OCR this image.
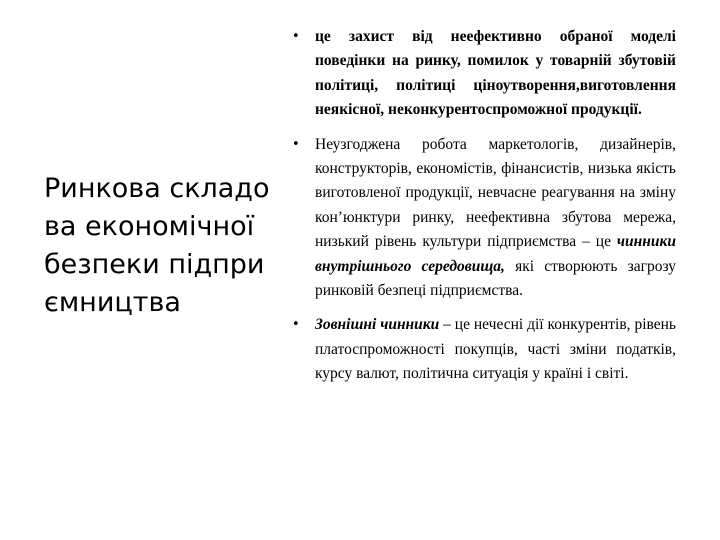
Ринкова складова економічної безпеки підприємництва
• це захист від неефективно обраної моделі поведінки на ринку, помилок у товарній збутовій політиці, політиці ціноутворення,виготовлення неякісної, неконкурентоспроможної продукції.
• Неузгоджена робота маркетологів, дизайнерів, конструкторів, економістів, фінансистів, низька якість виготовленої продукції, невчасне реагування на зміну кон’юнктури ринку, неефективна збутова мережа, низький рівень культури підприємства – це чинники внутрішнього середовища, які створюють загрозу ринковій безпеці підприємства.
• Зовнішні чинники – це нечесні дії конкурентів, рівень платоспроможності покупців, часті зміни податків, курсу валют, політична ситуація у країні і світі.
